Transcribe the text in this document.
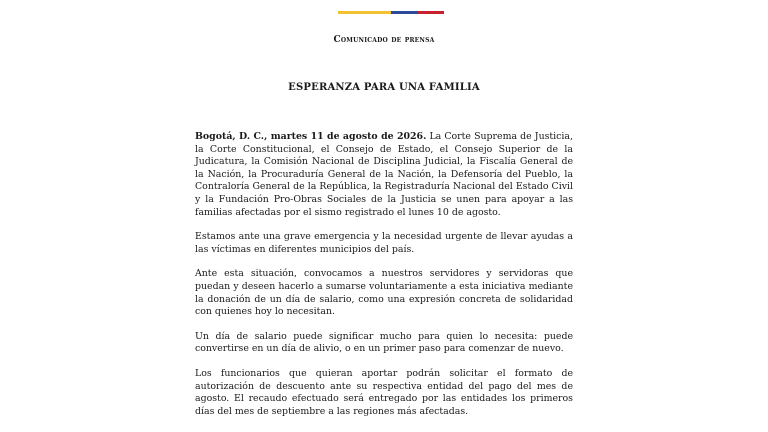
Comunicado de prensa
ESPERANZA PARA UNA FAMILIA

Bogotá, D. C., martes 11 de agosto de 2026. La Corte Suprema de Justicia, la Corte Constitucional, el Consejo de Estado, el Consejo Superior de la Judicatura, la Comisión Nacional de Disciplina Judicial, la Fiscalía General de la Nación, la Procuraduría General de la Nación, la Defensoría del Pueblo, la Contraloría General de la República, la Registraduría Nacional del Estado Civil y la Fundación Pro-Obras Sociales de la Justicia se unen para apoyar a las familias afectadas por el sismo registrado el lunes 10 de agosto.

Estamos ante una grave emergencia y la necesidad urgente de llevar ayudas a las víctimas en diferentes municipios del país.

Ante esta situación, convocamos a nuestros servidores y servidoras que puedan y deseen hacerlo a sumarse voluntariamente a esta iniciativa mediante la donación de un día de salario, como una expresión concreta de solidaridad con quienes hoy lo necesitan.

Un día de salario puede significar mucho para quien lo necesita: puede convertirse en un día de alivio, o en un primer paso para comenzar de nuevo.

Los funcionarios que quieran aportar podrán solicitar el formato de autorización de descuento ante su respectiva entidad del pago del mes de agosto. El recaudo efectuado será entregado por las entidades los primeros días del mes de septiembre a las regiones más afectadas.
